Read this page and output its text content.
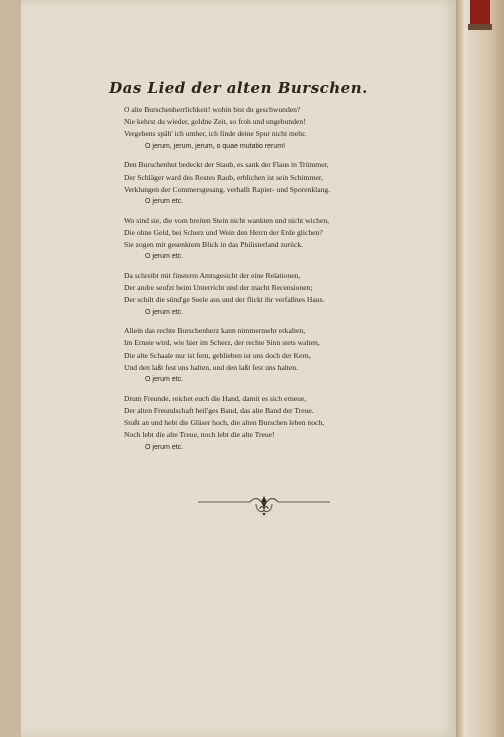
Das Lied der alten Burschen.
O alte Burschenherrlichkeit! wohin bist du geschwunden?
Nie kehrst du wieder, goldne Zeit, so froh und ungebunden!
Vergebens späh' ich umher, ich finde deine Spur nicht mehr.
O jerum, jerum, jerum, o quae mutatio rerum!
Den Burschenhut bedeckt der Staub, es sank der Flaus in Trümmer,
Der Schläger ward des Rostes Raub, erblichen ist sein Schimmer,
Verklungen der Commersgesang, verhallt Rapier- und Sporenklang.
O jerum etc.
Wo sind sie, die vom breiten Stein nicht wankten und nicht wichen,
Die ohne Geld, bei Scherz und Wein den Herrn der Erde glichen?
Sie zogen mit gesenktem Blick in das Philisterland zurück.
O jerum etc.
Da schreibt mit finsterm Amtsgesicht der eine Relationen,
Der andre seufzt beim Unterricht und der macht Recensionen;
Der schilt die sünd'ge Seele aus und der flickt ihr verfallnes Haus.
O jerum etc.
Allein das rechte Burschenherz kann nimmermehr erkalten,
Im Ernste wird, wie hier im Scherz, der rechte Sinn stets walten,
Die alte Schaale nur ist fern, geblieben ist uns doch der Kern,
Und den laßt fest uns halten, und den laßt fest uns halten.
O jerum etc.
Drum Freunde, reichet euch die Hand, damit es sich erneue,
Der alten Freundschaft heil'ges Band, das alte Band der Treue.
Stoßt an und hebt die Gläser hoch, die alten Burschen leben noch,
Noch lebt die alte Treue, noch lebt die alte Treue!
O jerum etc.
